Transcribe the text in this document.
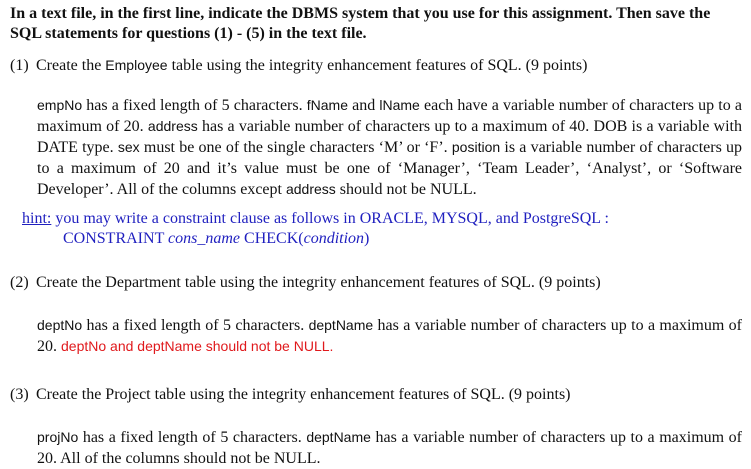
In a text file, in the first line, indicate the DBMS system that you use for this assignment. Then save the SQL statements for questions (1) - (5) in the text file.

(1) Create the Employee table using the integrity enhancement features of SQL. (9 points)

empNo has a fixed length of 5 characters. fName and lName each have a variable number of characters up to a maximum of 20. address has a variable number of characters up to a maximum of 40. DOB is a variable with DATE type. sex must be one of the single characters ‘M’ or ‘F’. position is a variable number of characters up to a maximum of 20 and it’s value must be one of ‘Manager’, ‘Team Leader’, ‘Analyst’, or ‘Software Developer’. All of the columns except address should not be NULL.

hint: you may write a constraint clause as follows in ORACLE, MYSQL, and PostgreSQL :

CONSTRAINT cons_name CHECK(condition)

(2) Create the Department table using the integrity enhancement features of SQL. (9 points)

deptNo has a fixed length of 5 characters. deptName has a variable number of characters up to a maximum of 20. deptNo and deptName should not be NULL.

(3) Create the Project table using the integrity enhancement features of SQL. (9 points)

projNo has a fixed length of 5 characters. deptName has a variable number of characters up to a maximum of 20. All of the columns should not be NULL.
